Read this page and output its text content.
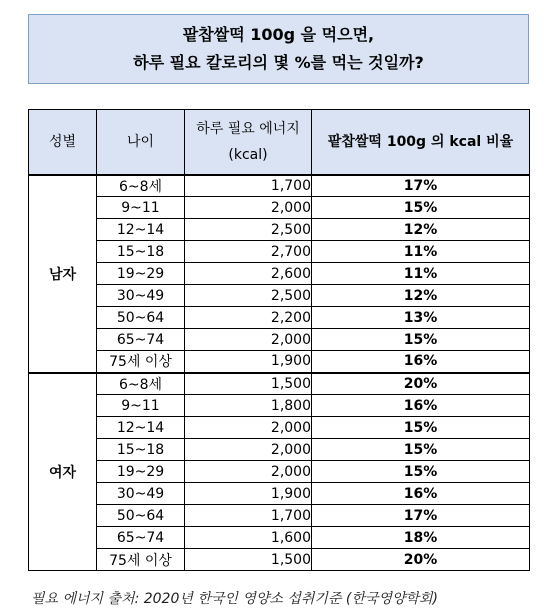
팥찹쌀떡 100g 을 먹으면,
하루 필요 칼로리의 몇 %를 먹는 것일까?
성별	나이	하루 필요 에너지 (kcal)	팥찹쌀떡 100g 의 kcal 비율
남자	6~8세	1,700	17%
	9~11	2,000	15%
	12~14	2,500	12%
	15~18	2,700	11%
	19~29	2,600	11%
	30~49	2,500	12%
	50~64	2,200	13%
	65~74	2,000	15%
	75세 이상	1,900	16%
여자	6~8세	1,500	20%
	9~11	1,800	16%
	12~14	2,000	15%
	15~18	2,000	15%
	19~29	2,000	15%
	30~49	1,900	16%
	50~64	1,700	17%
	65~74	1,600	18%
	75세 이상	1,500	20%
필요 에너지 출처: 2020년 한국인 영양소 섭취기준 (한국영양학회)
